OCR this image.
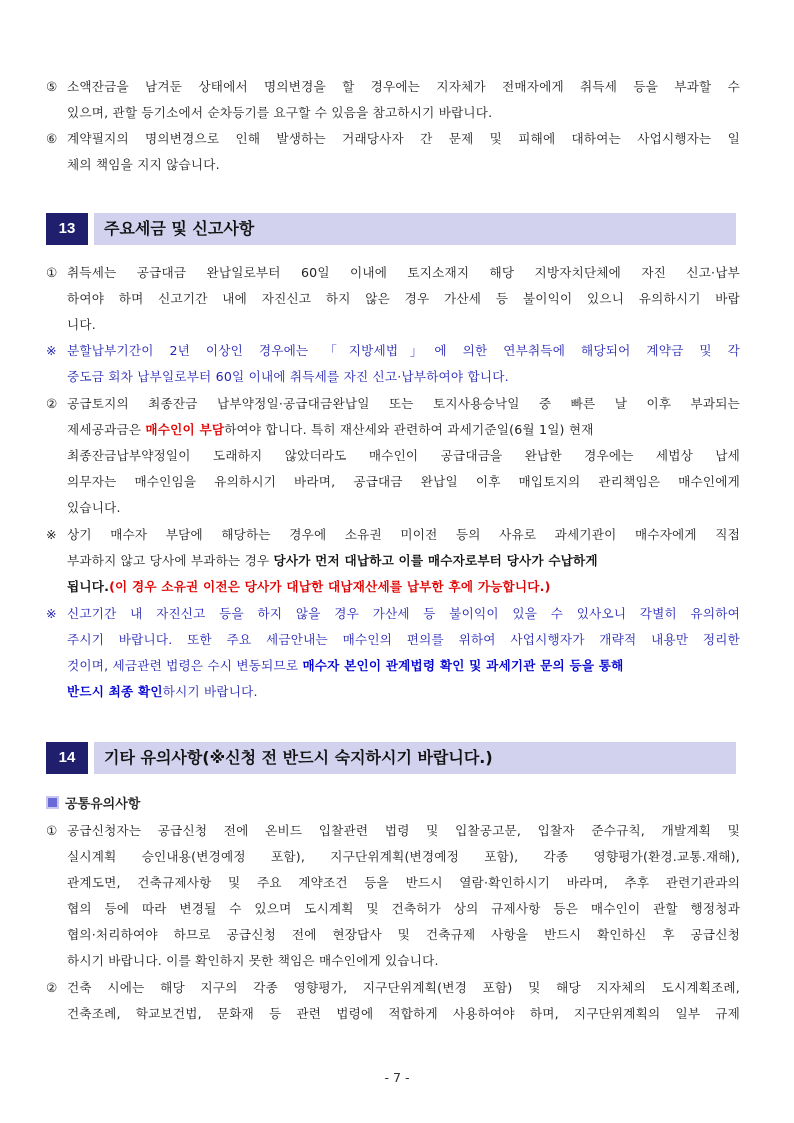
⑤ 소액잔금을 남겨둔 상태에서 명의변경을 할 경우에는 지자체가 전매자에게 취득세 등을 부과할 수
있으며, 관할 등기소에서 순차등기를 요구할 수 있음을 참고하시기 바랍니다.
⑥ 계약필지의 명의변경으로 인해 발생하는 거래당사자 간 문제 및 피해에 대하여는 사업시행자는 일
체의 책임을 지지 않습니다.
13	주요세금 및 신고사항
① 취득세는 공급대금 완납일로부터 60일 이내에 토지소재지 해당 지방자치단체에 자진 신고·납부
하여야 하며 신고기간 내에 자진신고 하지 않은 경우 가산세 등 불이익이 있으니 유의하시기 바랍
니다.
※ 분할납부기간이 2년 이상인 경우에는 「지방세법」에 의한 연부취득에 해당되어 계약금 및 각
중도금 회차 납부일로부터 60일 이내에 취득세를 자진 신고·납부하여야 합니다.
② 공급토지의 최종잔금 납부약정일·공급대금완납일 또는 토지사용승낙일 중 빠른 날 이후 부과되는
제세공과금은 매수인이 부담하여야 합니다. 특히 재산세와 관련하여 과세기준일(6월 1일) 현재
최종잔금납부약정일이 도래하지 않았더라도 매수인이 공급대금을 완납한 경우에는 세법상 납세
의무자는 매수인임을 유의하시기 바라며, 공급대금 완납일 이후 매입토지의 관리책임은 매수인에게
있습니다.
※ 상기 매수자 부담에 해당하는 경우에 소유권 미이전 등의 사유로 과세기관이 매수자에게 직접
부과하지 않고 당사에 부과하는 경우 당사가 먼저 대납하고 이를 매수자로부터 당사가 수납하게
됩니다.(이 경우 소유권 이전은 당사가 대납한 대납재산세를 납부한 후에 가능합니다.)
※ 신고기간 내 자진신고 등을 하지 않을 경우 가산세 등 불이익이 있을 수 있사오니 각별히 유의하여
주시기 바랍니다. 또한 주요 세금안내는 매수인의 편의를 위하여 사업시행자가 개략적 내용만 정리한
것이며, 세금관련 법령은 수시 변동되므로 매수자 본인이 관계법령 확인 및 과세기관 문의 등을 통해
반드시 최종 확인하시기 바랍니다.
14	기타 유의사항(※신청 전 반드시 숙지하시기 바랍니다.)
공통유의사항
① 공급신청자는 공급신청 전에 온비드 입찰관련 법령 및 입찰공고문, 입찰자 준수규칙, 개발계획 및
실시계획 승인내용(변경예정 포함), 지구단위계획(변경예정 포함), 각종 영향평가(환경.교통.재해),
관계도면, 건축규제사항 및 주요 계약조건 등을 반드시 열람·확인하시기 바라며, 추후 관련기관과의
협의 등에 따라 변경될 수 있으며 도시계획 및 건축허가 상의 규제사항 등은 매수인이 관할 행정청과
협의·처리하여야 하므로 공급신청 전에 현장답사 및 건축규제 사항을 반드시 확인하신 후 공급신청
하시기 바랍니다. 이를 확인하지 못한 책임은 매수인에게 있습니다.
② 건축 시에는 해당 지구의 각종 영향평가, 지구단위계획(변경 포함) 및 해당 지자체의 도시계획조례,
건축조례, 학교보건법, 문화재 등 관련 법령에 적합하게 사용하여야 하며, 지구단위계획의 일부 규제
- 7 -
